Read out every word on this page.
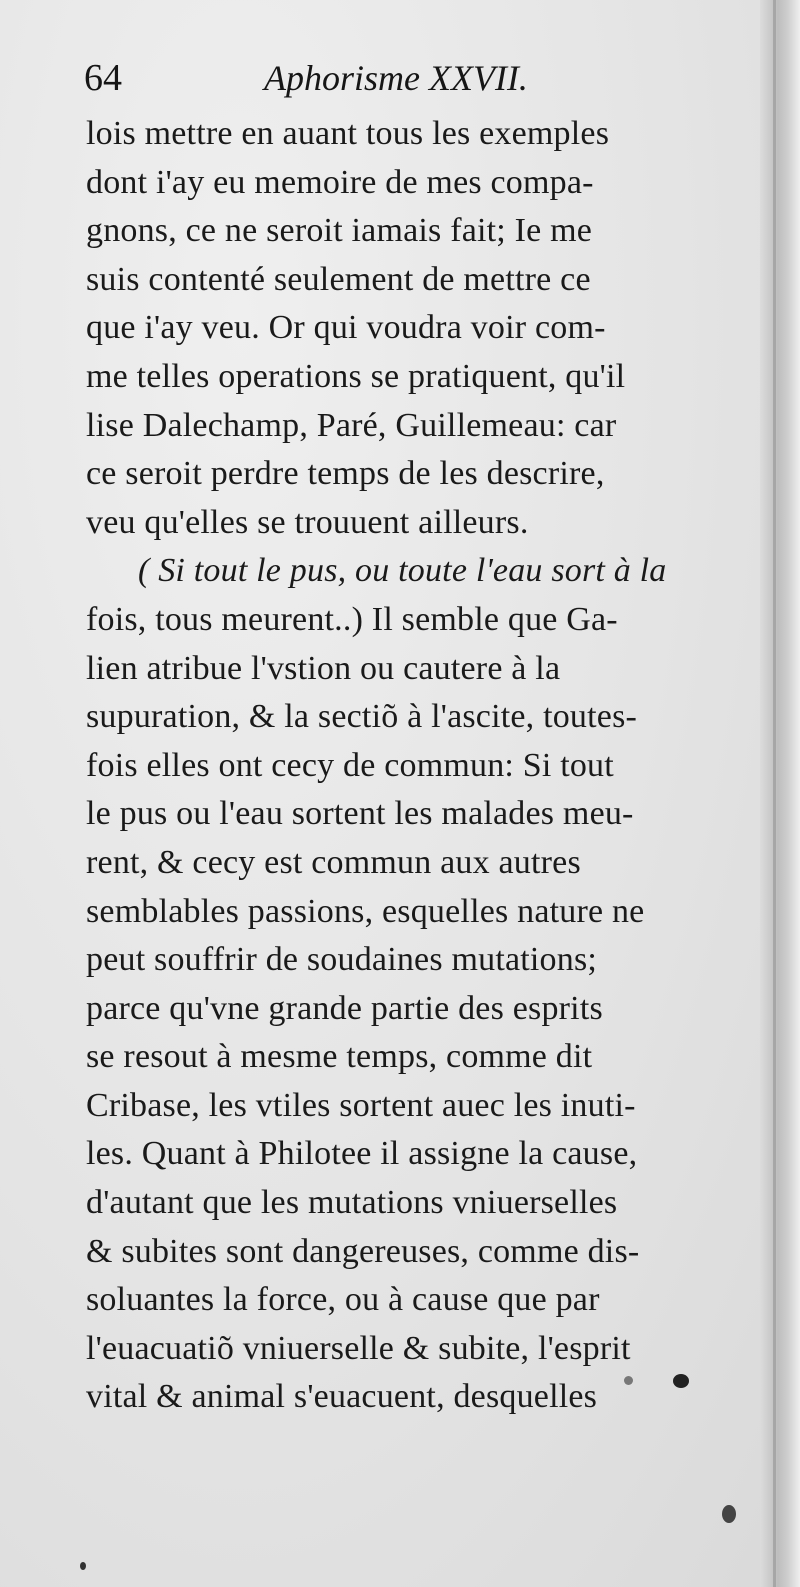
64	Aphorisme XXVII.
lois mettre en auant tous les exemples
dont i'ay eu memoire de mes compa-
gnons, ce ne seroit iamais fait; Ie me
suis contenté seulement de mettre ce
que i'ay veu. Or qui voudra voir com-
me telles operations se pratiquent, qu'il
lise Dalechamp, Paré, Guillemeau: car
ce seroit perdre temps de les descrire,
veu qu'elles se trouuent ailleurs.
( Si tout le pus, ou toute l'eau sort à la
fois, tous meurent..) Il semble que Ga-
lien atribue l'vstion ou cautere à la
supuration, & la sectiõ à l'ascite, toutes-
fois elles ont cecy de commun: Si tout
le pus ou l'eau sortent les malades meu-
rent, & cecy est commun aux autres
semblables passions, esquelles nature ne
peut souffrir de soudaines mutations;
parce qu'vne grande partie des esprits
se resout à mesme temps, comme dit
Cribase, les vtiles sortent auec les inuti-
les. Quant à Philotee il assigne la cause,
d'autant que les mutations vniuerselles
& subites sont dangereuses, comme dis-
soluantes la force, ou à cause que par
l'euacuatiõ vniuerselle & subite, l'esprit
vital & animal s'euacuent, desquelles
